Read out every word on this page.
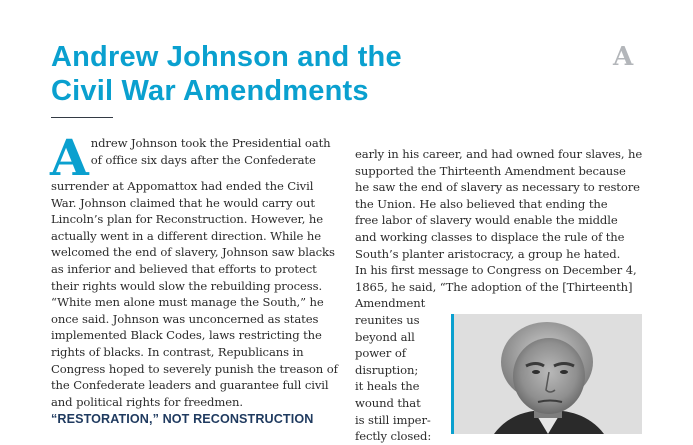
Andrew Johnson and the
Civil War Amendments
A

A ndrew Johnson took the Presidential oath
of office six days after the Confederate
surrender at Appomattox had ended the Civil
War. Johnson claimed that he would carry out
Lincoln’s plan for Reconstruction. However, he
actually went in a different direction. While he
welcomed the end of slavery, Johnson saw blacks
as inferior and believed that efforts to protect
their rights would slow the rebuilding process.
“White men alone must manage the South,” he
once said. Johnson was unconcerned as states
implemented Black Codes, laws restricting the
rights of blacks. In contrast, Republicans in
Congress hoped to severely punish the treason of
the Confederate leaders and guarantee full civil
and political rights for freedmen.

“RESTORATION,” NOT RECONSTRUCTION

early in his career, and had owned four slaves, he
supported the Thirteenth Amendment because
he saw the end of slavery as necessary to restore
the Union. He also believed that ending the
free labor of slavery would enable the middle
and working classes to displace the rule of the
South’s planter aristocracy, a group he hated.
In his first message to Congress on December 4,
1865, he said, “The adoption of the [Thirteenth]
Amendment
reunites us
beyond all
power of
disruption;
it heals the
wound that
is still imper-
fectly closed:
